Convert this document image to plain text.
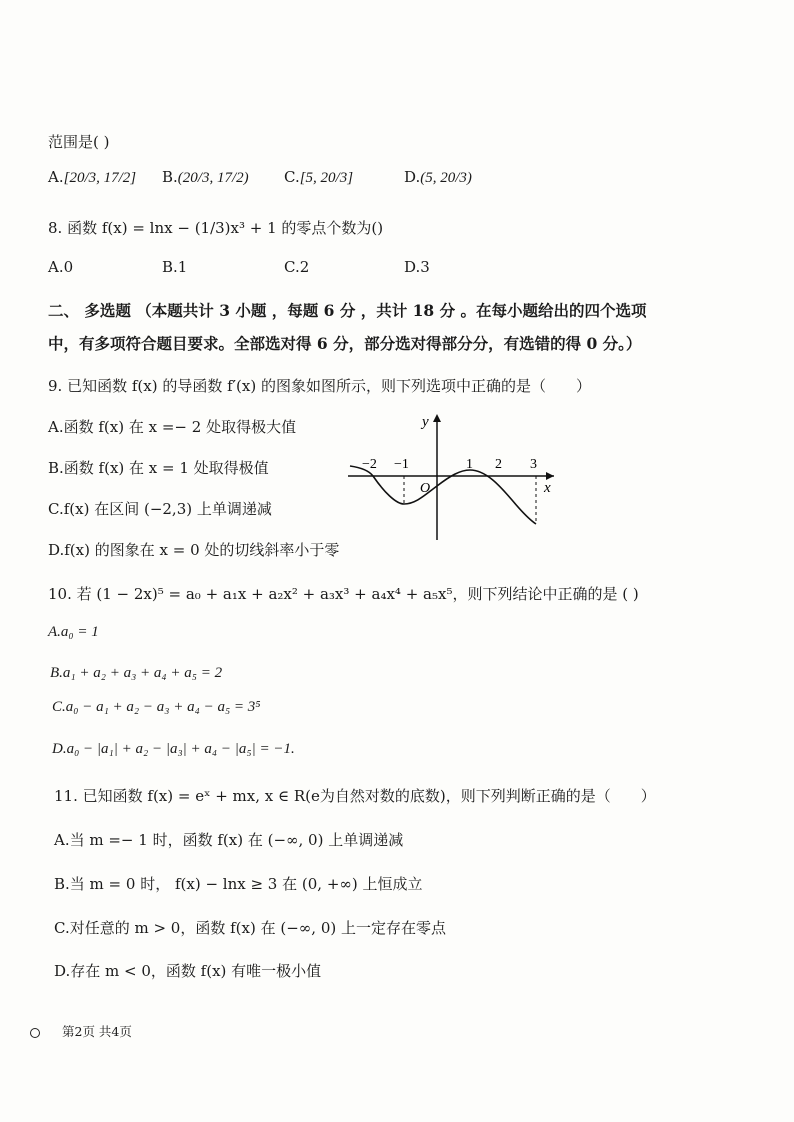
范围是( )
A.[20/3, 17/2] B.(20/3, 17/2) C.[5, 20/3]	D.(5, 20/3)
8. 函数 f(x) = lnx − (1/3)x³ + 1 的零点个数为()
A.0	B.1	C.2	D.3
二、 多选题 （本题共计 3 小题 ，每题 6 分 ，共计 18 分 。在每小题给出的四个选项
中，有多项符合题目要求。全部选对得 6 分，部分选对得部分分，有选错的得 0 分。）
9. 已知函数 f(x) 的导函数 f′(x) 的图象如图所示，则下列选项中正确的是（　　）
A.函数 f(x) 在 x =− 2 处取得极大值
B.函数 f(x) 在 x = 1 处取得极值
C.f(x) 在区间 (−2,3) 上单调递减
D.f(x) 的图象在 x = 0 处的切线斜率小于零
y
x
O
−2 −1	1 2 3
10. 若 (1 − 2x)⁵ = a₀ + a₁x + a₂x² + a₃x³ + a₄x⁴ + a₅x⁵，则下列结论中正确的是 ( )
A.a₀ = 1
B.a₁ + a₂ + a₃ + a₄ + a₅ = 2
C.a₀ − a₁ + a₂ − a₃ + a₄ − a₅ = 3⁵
D.a₀ − |a₁| + a₂ − |a₃| + a₄ − |a₅| = −1.
11. 已知函数 f(x) = eˣ + mx, x ∈ R(e为自然对数的底数)，则下列判断正确的是（　　）
A.当 m =− 1 时，函数 f(x) 在 (−∞, 0) 上单调递减
B.当 m = 0 时， f(x) − lnx ≥ 3 在 (0, +∞) 上恒成立
C.对任意的 m > 0，函数 f(x) 在 (−∞, 0) 上一定存在零点
D.存在 m < 0，函数 f(x) 有唯一极小值
第2页 共4页
